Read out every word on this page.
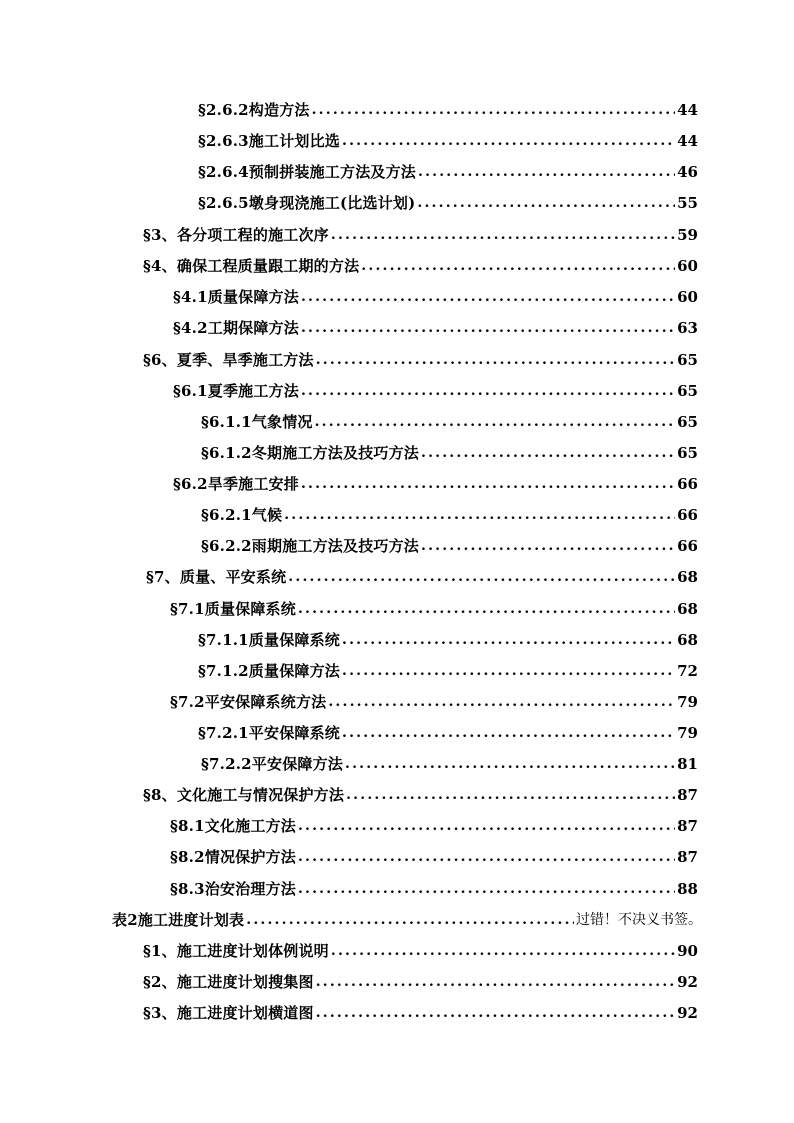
§2.6.2构造方法 .....	44
§2.6.3施工计划比选 .....	44
§2.6.4预制拼装施工方法及方法 .....	46
§2.6.5墩身现浇施工(比选计划) .....	55
§3、各分项工程的施工次序 .....	59
§4、确保工程质量跟工期的方法 .....	60
§4.1质量保障方法 .....	60
§4.2工期保障方法 .....	63
§6、夏季、旱季施工方法 .....	65
§6.1夏季施工方法 .....	65
§6.1.1气象情况 .....	65
§6.1.2冬期施工方法及技巧方法 .....	65
§6.2旱季施工安排 .....	66
§6.2.1气候 .....	66
§6.2.2雨期施工方法及技巧方法 .....	66
§7、质量、平安系统 .....	68
§7.1质量保障系统 .....	68
§7.1.1质量保障系统 .....	68
§7.1.2质量保障方法 .....	72
§7.2平安保障系统方法 .....	79
§7.2.1平安保障系统 .....	79
§7.2.2平安保障方法 .....	81
§8、文化施工与情况保护方法 .....	87
§8.1文化施工方法 .....	87
§8.2情况保护方法 .....	87
§8.3治安治理方法 .....	88
表2施工进度计划表 .....	过错！不决义书签。
§1、施工进度计划体例说明 .....	90
§2、施工进度计划搜集图 .....	92
§3、施工进度计划横道图 .....	92
